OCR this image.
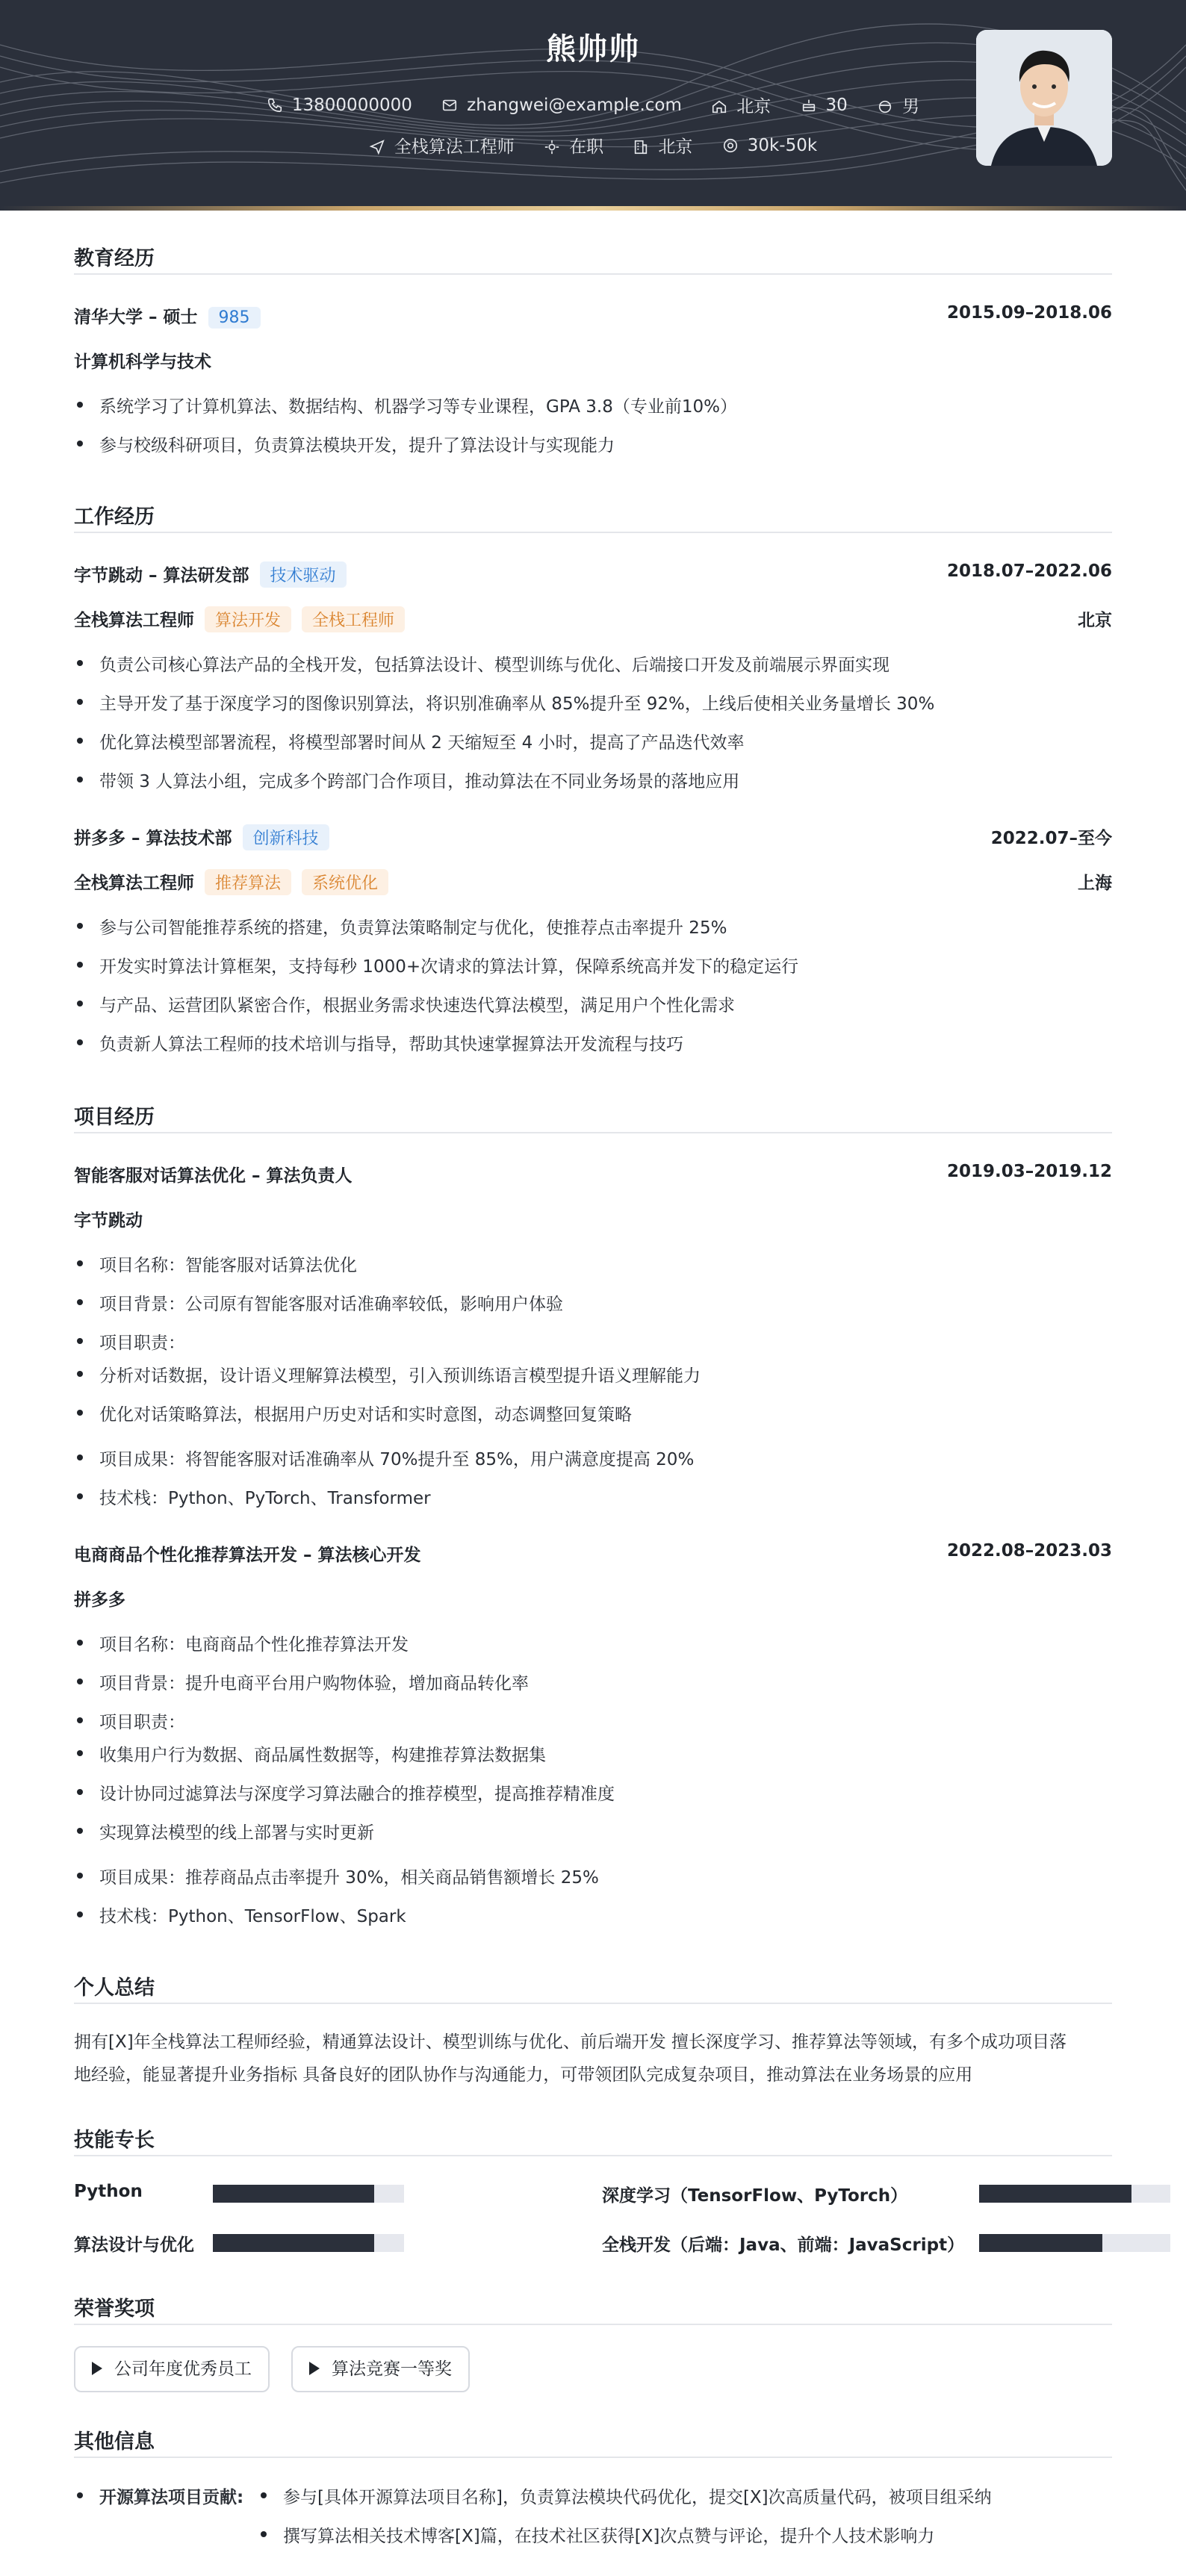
熊帅帅
13800000000	zhangwei@example.com	北京	30	男
全栈算法工程师	在职	北京	30k-50k
教育经历
清华大学 – 硕士 985	2015.09–2018.06
计算机科学与技术
系统学习了计算机算法、数据结构、机器学习等专业课程，GPA 3.8（专业前10%）
参与校级科研项目，负责算法模块开发，提升了算法设计与实现能力
工作经历
字节跳动 – 算法研发部 技术驱动	2018.07–2022.06
全栈算法工程师 算法开发 全栈工程师	北京
负责公司核心算法产品的全栈开发，包括算法设计、模型训练与优化、后端接口开发及前端展示界面实现
主导开发了基于深度学习的图像识别算法，将识别准确率从 85%提升至 92%，上线后使相关业务量增长 30%
优化算法模型部署流程，将模型部署时间从 2 天缩短至 4 小时，提高了产品迭代效率
带领 3 人算法小组，完成多个跨部门合作项目，推动算法在不同业务场景的落地应用
拼多多 – 算法技术部 创新科技	2022.07–至今
全栈算法工程师 推荐算法 系统优化	上海
参与公司智能推荐系统的搭建，负责算法策略制定与优化，使推荐点击率提升 25%
开发实时算法计算框架，支持每秒 1000+次请求的算法计算，保障系统高并发下的稳定运行
与产品、运营团队紧密合作，根据业务需求快速迭代算法模型，满足用户个性化需求
负责新人算法工程师的技术培训与指导，帮助其快速掌握算法开发流程与技巧
项目经历
智能客服对话算法优化 – 算法负责人	2019.03–2019.12
字节跳动
项目名称：智能客服对话算法优化
项目背景：公司原有智能客服对话准确率较低，影响用户体验
项目职责：
分析对话数据，设计语义理解算法模型，引入预训练语言模型提升语义理解能力
优化对话策略算法，根据用户历史对话和实时意图，动态调整回复策略
项目成果：将智能客服对话准确率从 70%提升至 85%，用户满意度提高 20%
技术栈：Python、PyTorch、Transformer
电商商品个性化推荐算法开发 – 算法核心开发	2022.08–2023.03
拼多多
项目名称：电商商品个性化推荐算法开发
项目背景：提升电商平台用户购物体验，增加商品转化率
项目职责：
收集用户行为数据、商品属性数据等，构建推荐算法数据集
设计协同过滤算法与深度学习算法融合的推荐模型，提高推荐精准度
实现算法模型的线上部署与实时更新
项目成果：推荐商品点击率提升 30%，相关商品销售额增长 25%
技术栈：Python、TensorFlow、Spark
个人总结
拥有[X]年全栈算法工程师经验，精通算法设计、模型训练与优化、前后端开发 擅长深度学习、推荐算法等领域，有多个成功项目落
地经验，能显著提升业务指标 具备良好的团队协作与沟通能力，可带领团队完成复杂项目，推动算法在业务场景的应用
技能专长
Python	深度学习（TensorFlow、PyTorch）
算法设计与优化	全栈开发（后端：Java、前端：JavaScript）
荣誉奖项
公司年度优秀员工	算法竞赛一等奖
其他信息
开源算法项目贡献:	参与[具体开源算法项目名称]，负责算法模块代码优化，提交[X]次高质量代码，被项目组采纳
撰写算法相关技术博客[X]篇，在技术社区获得[X]次点赞与评论，提升个人技术影响力
